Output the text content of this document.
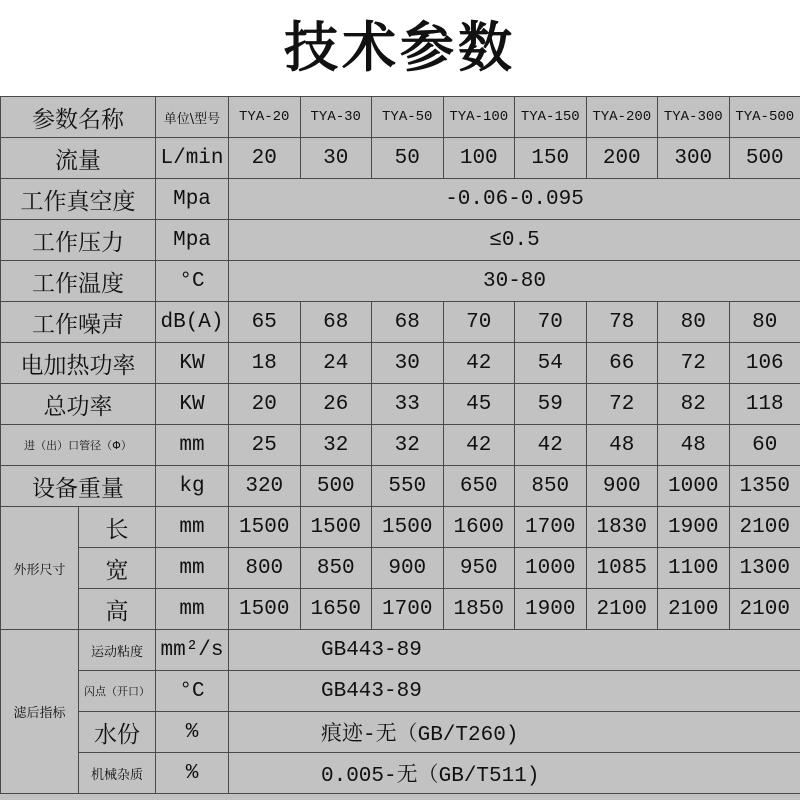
技术参数
参数名称		单位\型号	TYA-20	TYA-30	TYA-50	TYA-100	TYA-150	TYA-200	TYA-300	TYA-500
流量		L/min	20	30	50	100	150	200	300	500
工作真空度		Mpa	-0.06-0.095							
工作压力		Mpa	≤0.5							
工作温度		°C	30-80							
工作噪声		dB(A)	65	68	68	70	70	78	80	80
电加热功率		KW	18	24	30	42	54	66	72	106
总功率		KW	20	26	33	45	59	72	82	118
进（出）口管径（Φ）		mm	25	32	32	42	42	48	48	60
设备重量		kg	320	500	550	650	850	900	1000	1350
外形尺寸	长	mm	1500	1500	1500	1600	1700	1830	1900	2100
	宽	mm	800	850	900	950	1000	1085	1100	1300
	高	mm	1500	1650	1700	1850	1900	2100	2100	2100
滤后指标	运动粘度	mm²/s	GB443-89							
	闪点（开口）	°C	GB443-89							
	水份	%	痕迹-无（GB/T260)							
	机械杂质	%	0.005-无（GB/T511)							
